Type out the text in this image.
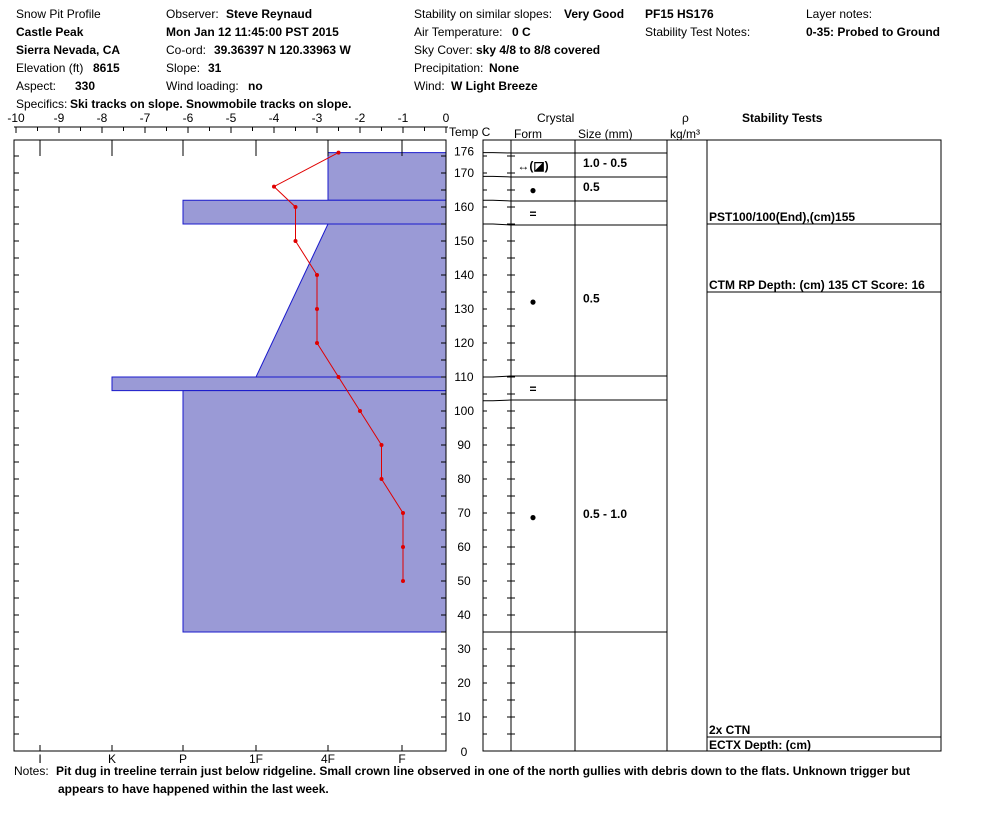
Snow Pit Profile
Castle Peak
Sierra Nevada, CA
Elevation (ft) 8615
Aspect: 330
Observer: Steve Reynaud
Mon Jan 12 11:45:00 PST 2015
Co-ord: 39.36397 N 120.33963 W
Slope: 31
Wind loading: no
Stability on similar slopes: Very Good
Air Temperature: 0 C
Sky Cover: sky 4/8 to 8/8 covered
Precipitation: None
Wind: W Light Breeze
PF15 HS176
Stability Test Notes:
Layer notes:
0-35: Probed to Ground
Specifics: Ski tracks on slope. Snowmobile tracks on slope.
Temp C
Crystal
Form	Size (mm)
ρ
kg/m³
Stability Tests
-10 -9	-8	-7	-6	-5	-4	-3	-2	-1	0
I	K	P	1F	4F	F
10
20
30
40
50
60
70
80
90
100
110
120
130
140
150
160
170
176
0
↔(◪)	1.0 - 0.5
●	0.5
=
●	0.5
=
●	0.5 - 1.0
PST100/100(End),(cm)155
CTM RP Depth: (cm) 135 CT Score: 16
2x CTN
ECTX Depth: (cm)
Notes: Pit dug in treeline terrain just below ridgeline. Small crown line observed in one of the north gullies with debris down to the flats. Unknown trigger but
appears to have happened within the last week.
